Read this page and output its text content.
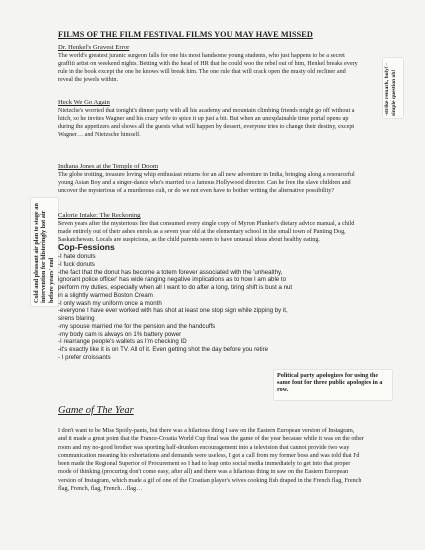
FILMS OF THE FILM FESTIVAL FILMS YOU MAY HAVE MISSED
Dr. Henkel's Gravest Error

The world's greatest juranic surgeon falls for one his most handsome young students, who just happens to be a secret graffiti artist on weekend nights. Betting with the head of HR that he could woo the rebel out of him, Henkel breaks every rule in the book except the one he knows will break him. The one rule that will crack open the musty old recliner and reveal the jewels within.

Heck We Go Again

Nietzche's worried that tonight's dinner party with all his academy and mountain climbing friends might go off without a hitch, so he invites Wagner and his crazy wife to spice it up just a bit. But when an unexplainable time portal opens up during the appetizers and shows all the guests what will happen by dessert, everyone tries to change their destiny, except Wagner… and Nietzsche himself.

Indiana Jones at the Temple of Doom

The globe trotting, treasure loving whip enthusiast returns for an all new adventure in India, bringing along a resourceful young Asian Boy and a singer-dance who's married to a famous Hollywood director. Can he free the slave children and uncover the mysterious of a murderous cult, or do we not even have to bother writing the alternative possibility?

Calorie Intake: The Reckoning

Seven years after the mysterious fire that consumed every single copy of Myron Plunker's dietary advice manual, a child made entirely out of their ashes enrols as a seven year old at the elementary school in the small town of Panting Dog, Saskatchewan. Locals are suspicious, as the child parents seem to have unusual ideas about healthy eating.

Cop-Fessions

-I hate donuts

-I fuck donuts

-the fact that the donut has become a totem forever associated with the 'unhealthy,

ignorant police officer' has wide ranging negative implications as to how I am able to

perform my duties, especially when all I want to do after a long, tiring shift is bust a nut

in a slightly warmed Boston Cream

-I only wash my uniform once a month

-everyone I have ever worked with has shot at least one stop sign while zipping by it,

sirens blaring

-my spouse married me for the pension and the handcuffs

-my body cam is always on 1% battery power

-I rearrange people's wallets as I'm checking ID

-it's exactly like it is on TV. All of it. Even getting shot the day before you retire

- I prefer croissants

Game of The Year

I don't want to be Miss Spoily-pants, but there was a hilarious thing I saw on the Eastern European version of Instagram, and it made a great point that the France-Croatia World Cup final was the game of the year because while it was on the other room and my no-good brother was sporting half-drunken encouragement into a television that cannot provide two way communication meaning his exhortations and demands were useless, I got a call from my former boss and was told that I'd been made the Regional Superior of Procurement so I had to leap onto social media immediately to get into that proper mode of thinking (procuring don't come easy, after all) and there was a hilarious thing in saw on the Eastern European version of Instagram, which made a gif of one of the Croatian player's wives cooking fish draped in the French flag, French flag, French, flag, French…flag…

-strike remark, holy! -simple question oh!
Cold and pleasant air plan to stage an intervention for blisteringly hot air before years' end
Political party apologizes for using the same font for three public apologies in a row.
